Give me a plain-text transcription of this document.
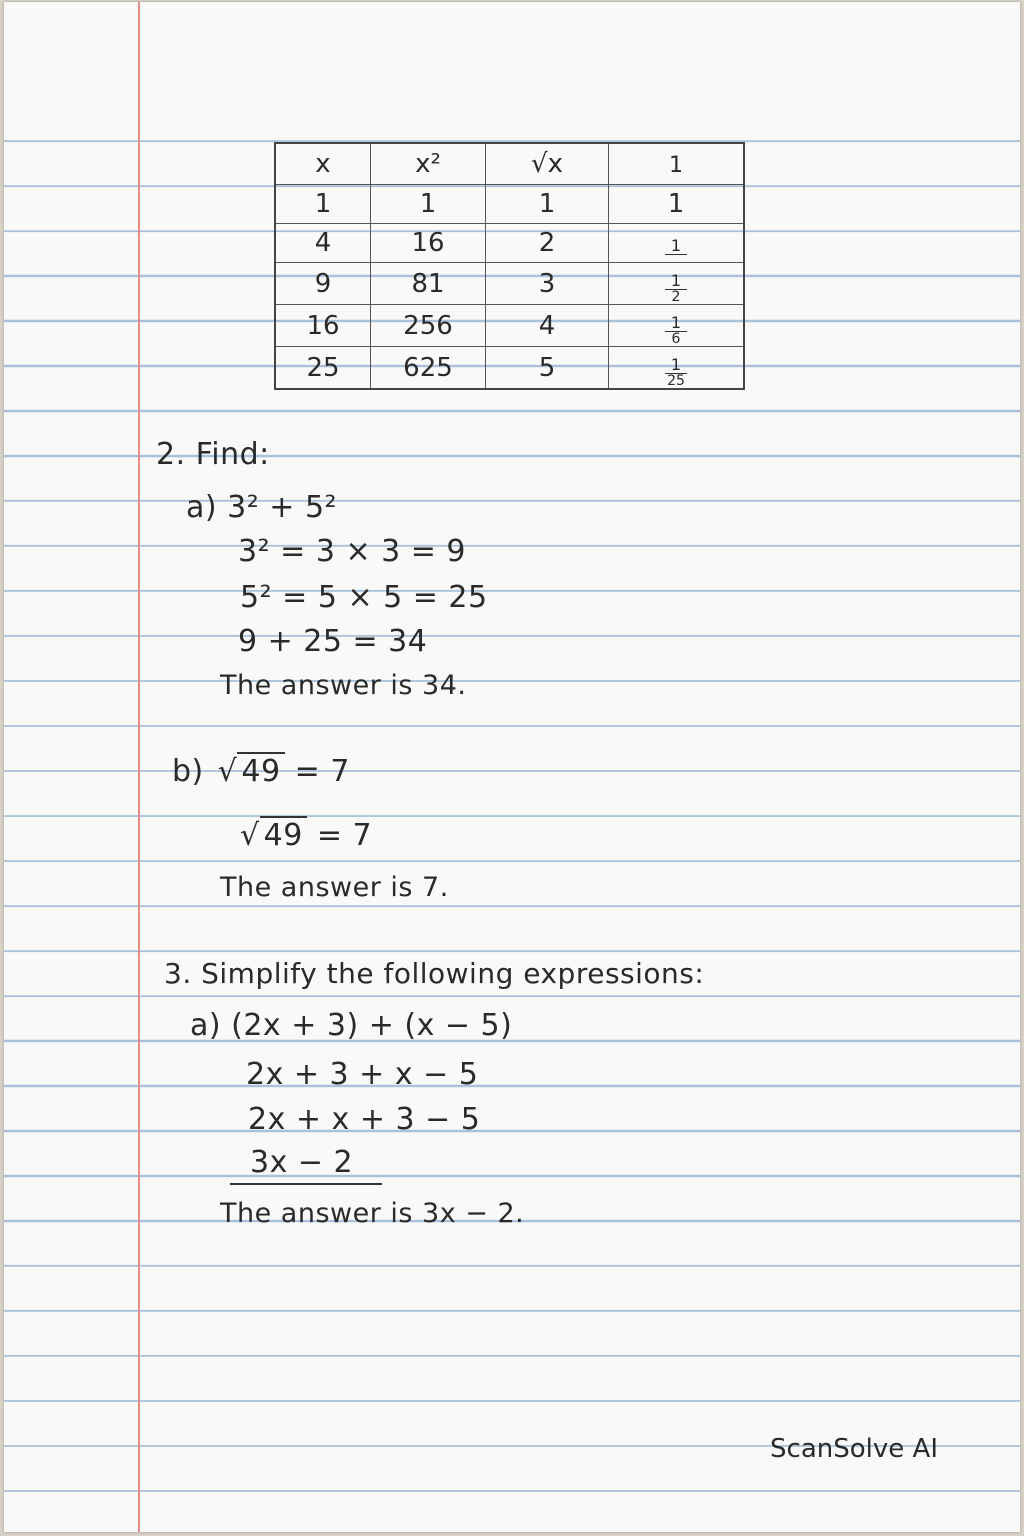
x	x²	√x	1

1	1	1	1
4	16	2	1

9	81	3	$\frac{1}{2}$

16	256	4	$\frac{1}{6}$

25	625	5	$\frac{1}{25}$
2. Find:
a) 3² + 5²
3² = 3 × 3 = 9
5² = 5 × 5 = 25
9 + 25 = 34
The answer is 34.
b) √ 49 = 7
√ 49 = 7
The answer is 7.
3. Simplify the following expressions:
a) (2x + 3) + (x − 5)
2x + 3 + x − 5
2x + x + 3 − 5
3x − 2
The answer is 3x − 2.
ScanSolve AI
